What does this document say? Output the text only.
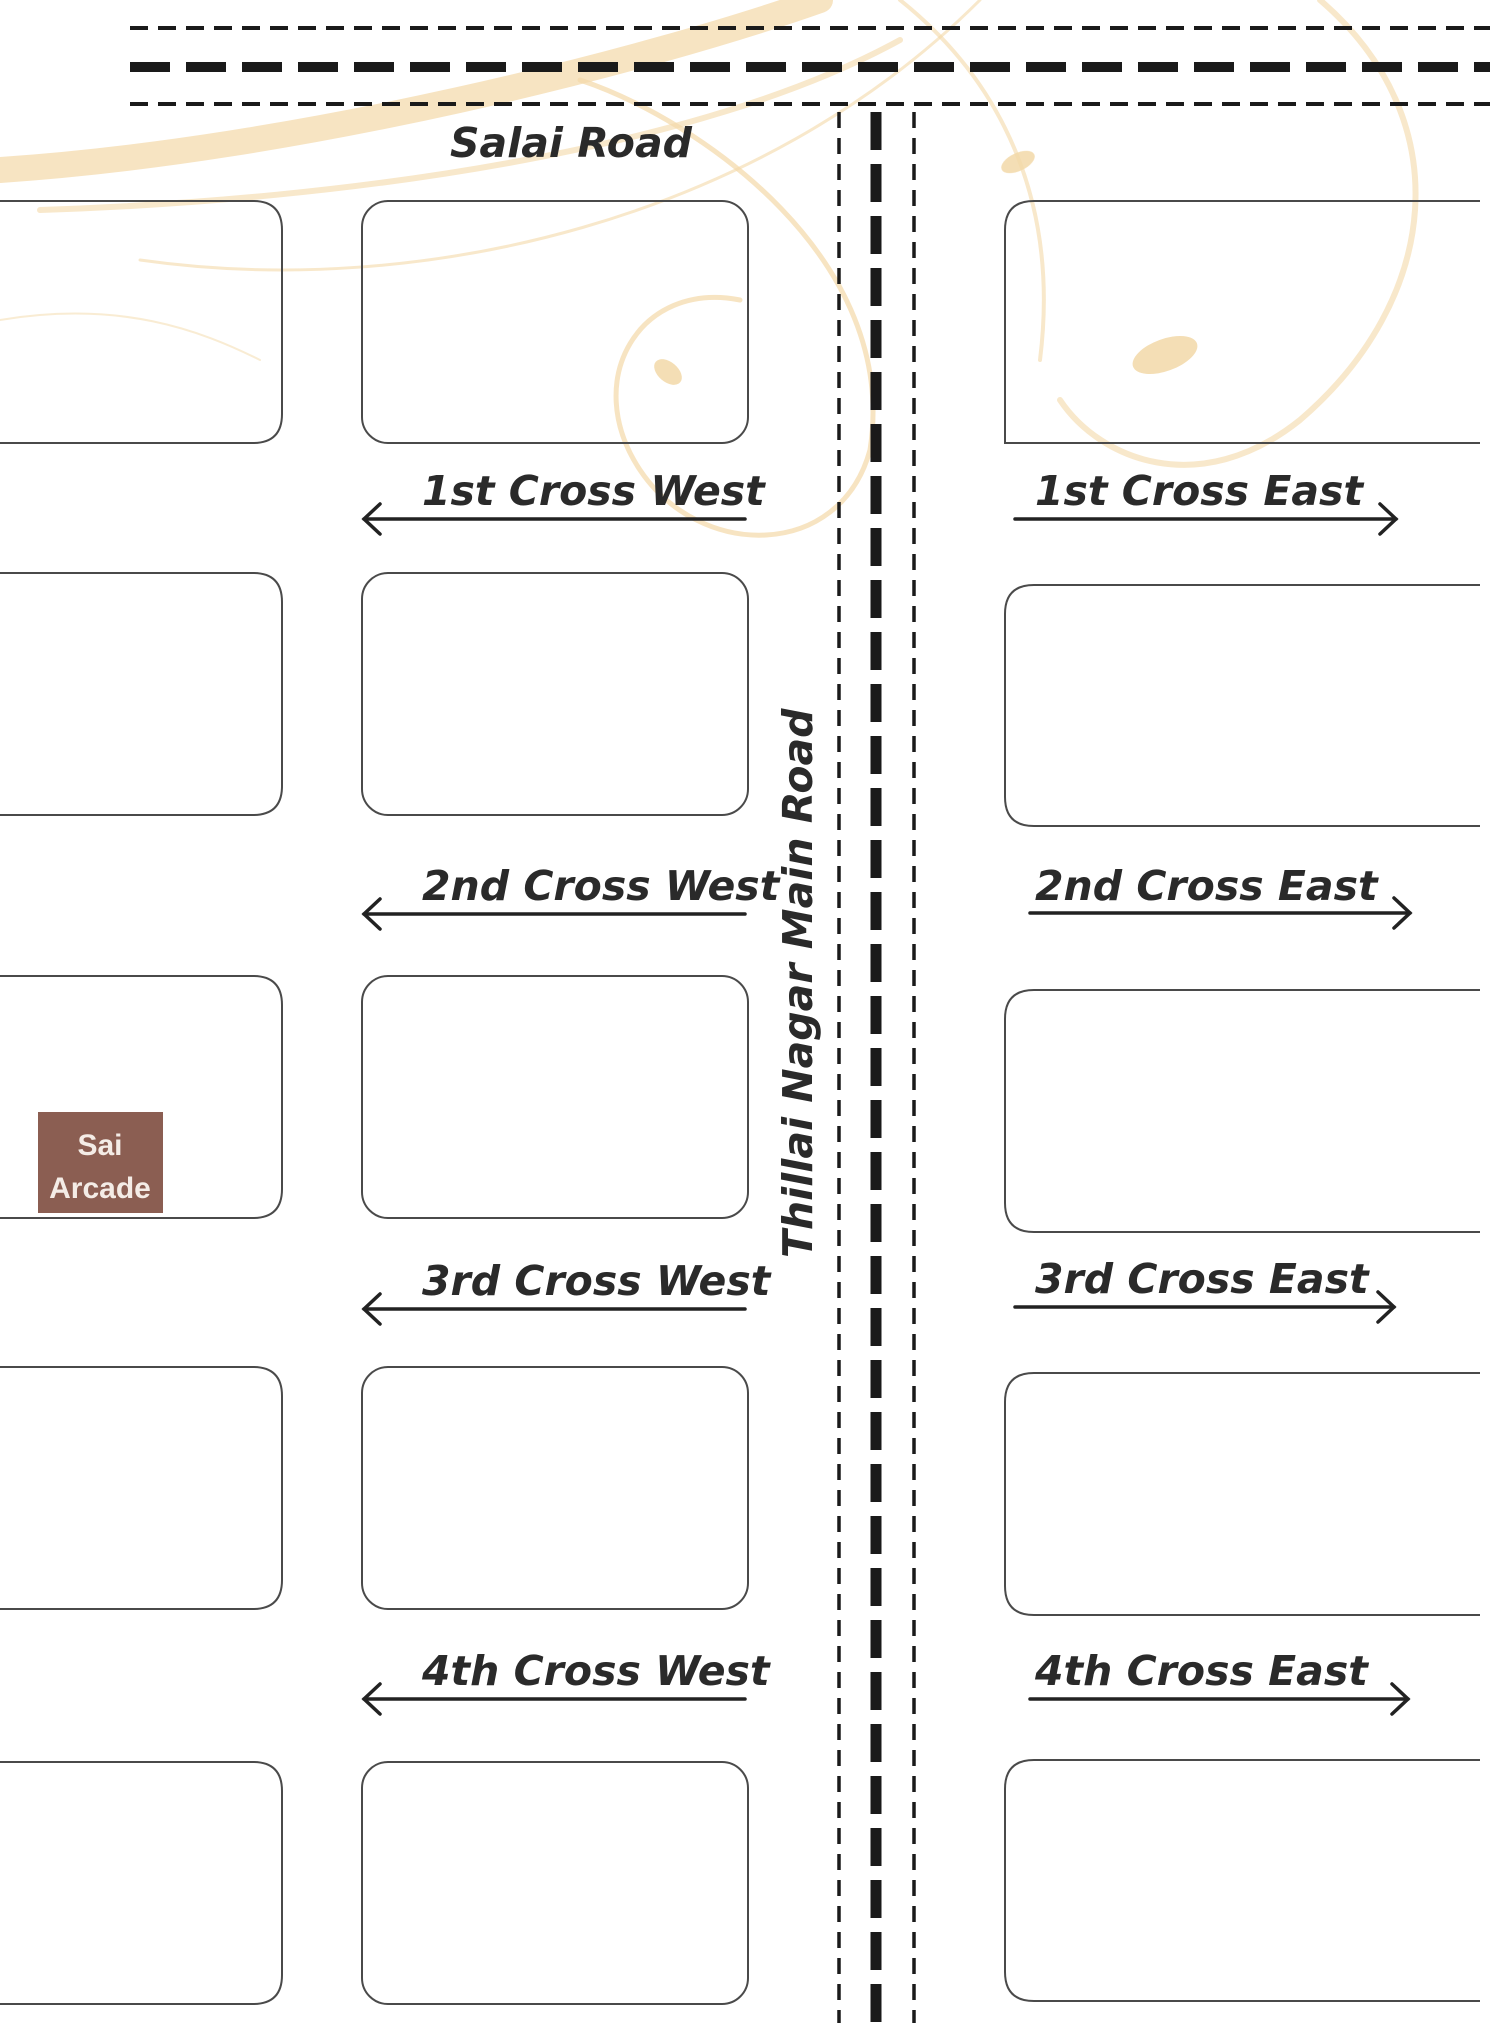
Salai Road
Thillai Nagar Main Road
1st Cross West
2nd Cross West
3rd Cross West
4th Cross West
1st Cross East
2nd Cross East
3rd Cross East
4th Cross East
Sai
Arcade
